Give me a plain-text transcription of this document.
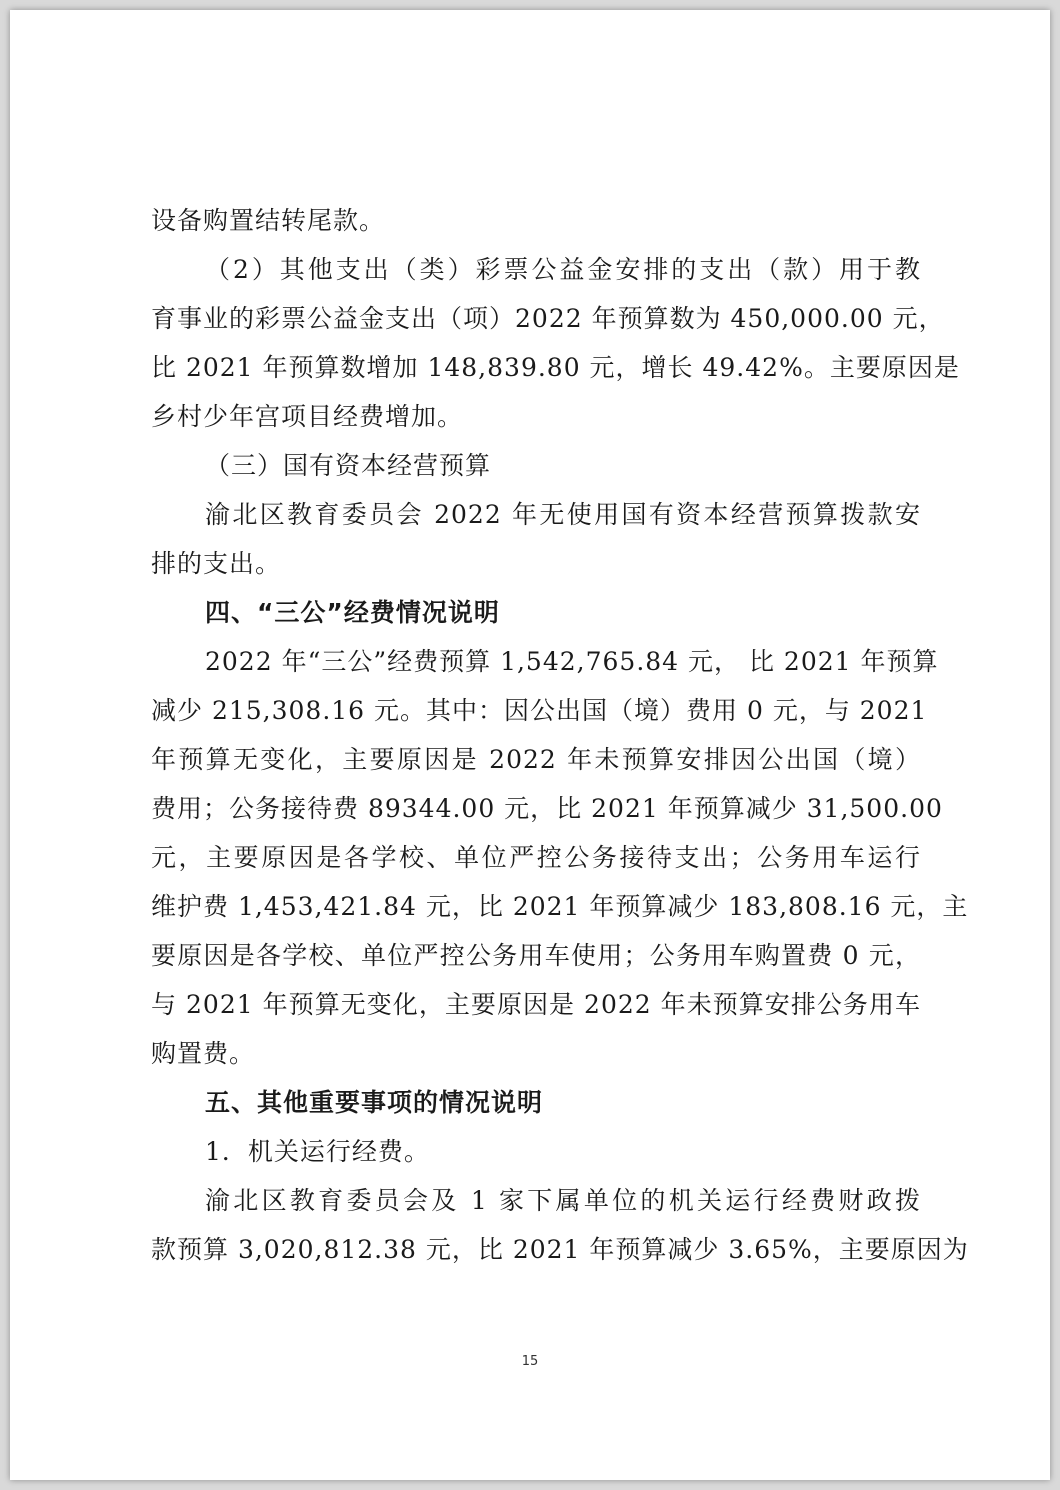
设备购置结转尾款。
（2）其他支出（类）彩票公益金安排的支出（款）用于教
育事业的彩票公益金支出（项）2022 年预算数为 450,000.00 元，
比 2021 年预算数增加 148,839.80 元，增长 49.42%。主要原因是
乡村少年宫项目经费增加。
（三）国有资本经营预算
渝北区教育委员会 2022 年无使用国有资本经营预算拨款安
排的支出。
四、“三公”经费情况说明
2022 年“三公”经费预算 1,542,765.84 元， 比 2021 年预算
减少 215,308.16 元。其中：因公出国（境）费用 0 元，与 2021
年预算无变化，主要原因是 2022 年未预算安排因公出国（境）
费用；公务接待费 89344.00 元，比 2021 年预算减少 31,500.00
元，主要原因是各学校、单位严控公务接待支出；公务用车运行
维护费 1,453,421.84 元，比 2021 年预算减少 183,808.16 元，主
要原因是各学校、单位严控公务用车使用；公务用车购置费 0 元，
与 2021 年预算无变化，主要原因是 2022 年未预算安排公务用车
购置费。
五、其他重要事项的情况说明
1．机关运行经费。
渝北区教育委员会及 1 家下属单位的机关运行经费财政拨
款预算 3,020,812.38 元，比 2021 年预算减少 3.65%，主要原因为
15
